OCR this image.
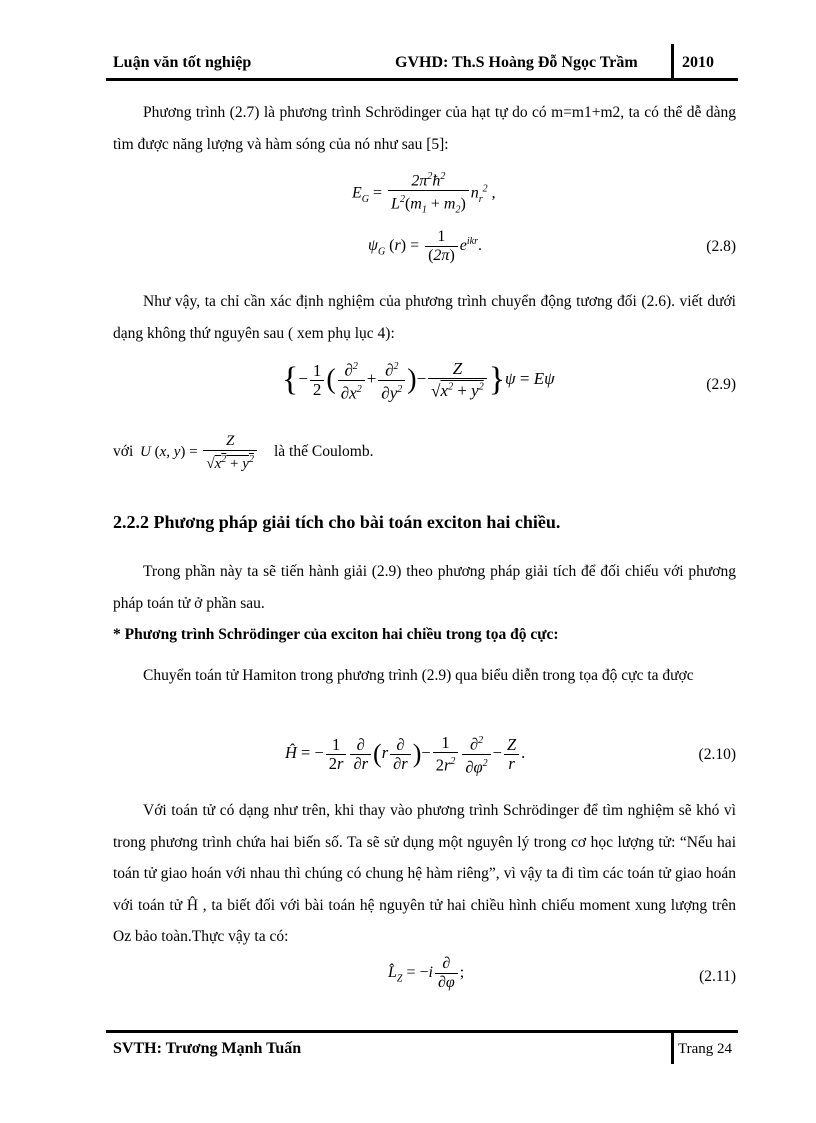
Luận văn tốt nghiệp	GVHD: Th.S Hoàng Đỗ Ngọc Trầm	2010
Phương trình (2.7) là phương trình Schrödinger của hạt tự do có m=m1+m2, ta có thể dễ dàng tìm được năng lượng và hàm sóng của nó như sau [5]:
$E_G = \frac{2\pi^2ħ^2}{L^2(m_1 + m_2)} n_r^2$ ,
$\psi_G$ $(r) = \frac{1}{(2\pi)} e^{ikr}$.	(2.8)
Như vậy, ta chỉ cần xác định nghiệm của phương trình chuyển động tương đối (2.6). viết dưới dạng không thứ nguyên sau ( xem phụ lục 4):
{− $\frac{1}{2}$ ( $\frac{\partial^2}{\partial x^2} + \frac{\partial^2}{\partial y^2}$ )− $\frac{Z}{√x^2 + y^2} \}\psi = E\psi$	(2.9)
với U (x, $y) = \frac{Z}{√x^2 + y^2}$ là thế Coulomb.
2.2.2 Phương pháp giải tích cho bài toán exciton hai chiều.
Trong phần này ta sẽ tiến hành giải (2.9) theo phương pháp giải tích để đối chiếu với phương pháp toán tử ở phần sau.
* Phương trình Schrödinger của exciton hai chiều trong tọa độ cực:
Chuyển toán tử Hamiton trong phương trình (2.9) qua biểu diễn trong tọa độ cực ta được
Ĥ = − $\frac{1}{2r} \frac{\partial}{\partial r} (r \frac{\partial}{\partial r}$ )− $\frac{1}{2r^2} \frac{\partial^2}{\partial\varphi^2} - \frac{Z}{r}$ .	(2.10)
Với toán tử có dạng như trên, khi thay vào phương trình Schrödinger để tìm nghiệm sẽ khó vì trong phương trình chứa hai biến số. Ta sẽ sử dụng một nguyên lý trong cơ học lượng tử: “Nếu hai toán tử giao hoán với nhau thì chúng có chung hệ hàm riêng”, vì vậy ta đi tìm các toán tử giao hoán với toán tử Ĥ , ta biết đối với bài toán hệ nguyên tử hai chiều hình chiếu moment xung lượng trên Oz bảo toàn.Thực vậy ta có:
$L̂_Z = -i \frac{\partial}{\partial\varphi}$ ;	(2.11)
SVTH: Trương Mạnh Tuấn	Trang 24
